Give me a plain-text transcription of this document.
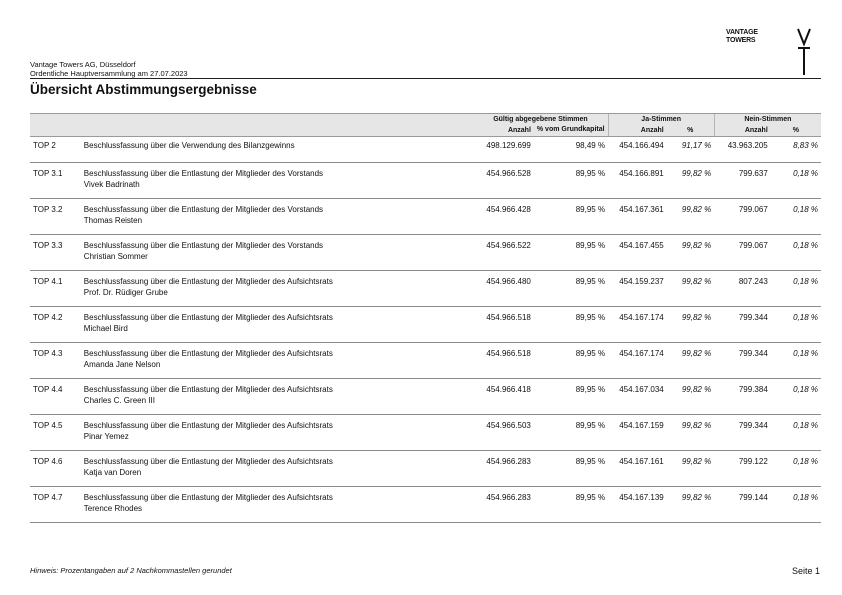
Vantage Towers AG, Düsseldorf
Ordentliche Hauptversammlung am 27.07.2023
VANTAGE
TOWERS
Übersicht Abstimmungsergebnisse
		Gültig abgegebene Stimmen		Ja-Stimmen		Nein-Stimmen	
		Anzahl	% vom Grundkapital	Anzahl	%	Anzahl	%
TOP 2	Beschlussfassung über die Verwendung des Bilanzgewinns	498.129.699	98,49 %	454.166.494	91,17 %	43.963.205	8,83 %
TOP 3.1	Beschlussfassung über die Entlastung der Mitglieder des Vorstands
Vivek Badrinath	454.966.528	89,95 %	454.166.891	99,82 %	799.637	0,18 %
TOP 3.2	Beschlussfassung über die Entlastung der Mitglieder des Vorstands
Thomas Reisten	454.966.428	89,95 %	454.167.361	99,82 %	799.067	0,18 %
TOP 3.3	Beschlussfassung über die Entlastung der Mitglieder des Vorstands
Christian Sommer	454.966.522	89,95 %	454.167.455	99,82 %	799.067	0,18 %
TOP 4.1	Beschlussfassung über die Entlastung der Mitglieder des Aufsichtsrats
Prof. Dr. Rüdiger Grube	454.966.480	89,95 %	454.159.237	99,82 %	807.243	0,18 %
TOP 4.2	Beschlussfassung über die Entlastung der Mitglieder des Aufsichtsrats
Michael Bird	454.966.518	89,95 %	454.167.174	99,82 %	799.344	0,18 %
TOP 4.3	Beschlussfassung über die Entlastung der Mitglieder des Aufsichtsrats
Amanda Jane Nelson	454.966.518	89,95 %	454.167.174	99,82 %	799.344	0,18 %
TOP 4.4	Beschlussfassung über die Entlastung der Mitglieder des Aufsichtsrats
Charles C. Green III	454.966.418	89,95 %	454.167.034	99,82 %	799.384	0,18 %
TOP 4.5	Beschlussfassung über die Entlastung der Mitglieder des Aufsichtsrats
Pinar Yemez	454.966.503	89,95 %	454.167.159	99,82 %	799.344	0,18 %
TOP 4.6	Beschlussfassung über die Entlastung der Mitglieder des Aufsichtsrats
Katja van Doren	454.966.283	89,95 %	454.167.161	99,82 %	799.122	0,18 %
TOP 4.7	Beschlussfassung über die Entlastung der Mitglieder des Aufsichtsrats
Terence Rhodes	454.966.283	89,95 %	454.167.139	99,82 %	799.144	0,18 %
Hinweis: Prozentangaben auf 2 Nachkommastellen gerundet	Seite 1
